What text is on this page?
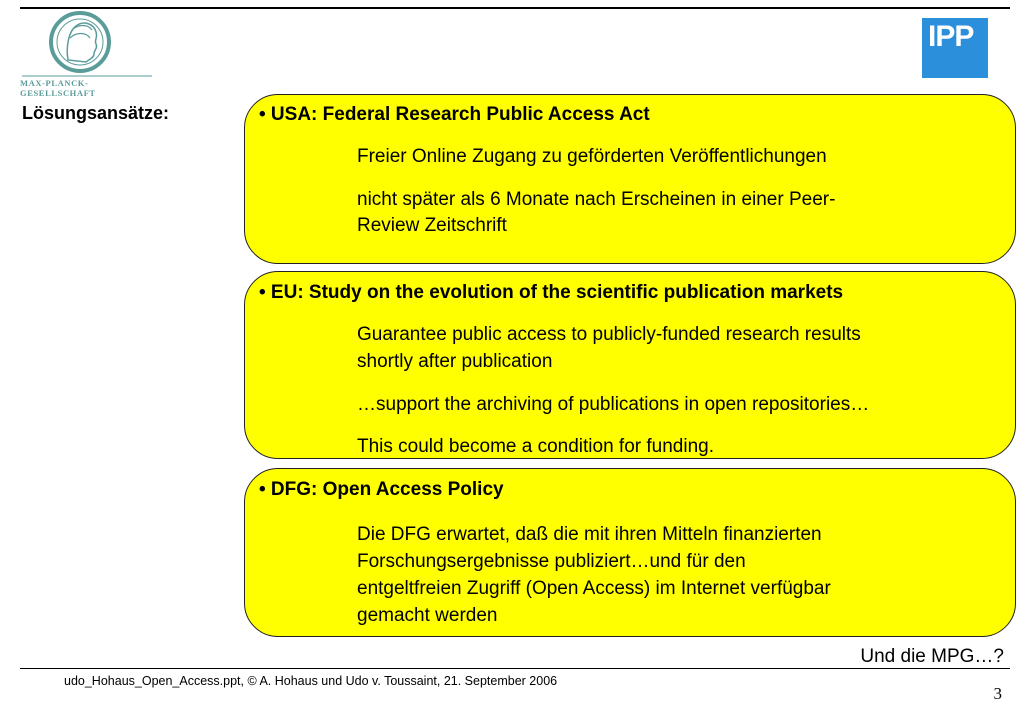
MAX-PLANCK-GESELLSCHAFT
IPP
Lösungsansätze:	• USA: Federal Research Public Access Act
Freier Online Zugang zu geförderten Veröffentlichungen
nicht später als 6 Monate nach Erscheinen in einer Peer-
Review Zeitschrift
• EU: Study on the evolution of the scientific publication markets
Guarantee public access to publicly-funded research results
shortly after publication
…support the archiving of publications in open repositories…
This could become a condition for funding.
• DFG: Open Access Policy
Die DFG erwartet, daß die mit ihren Mitteln finanzierten
Forschungsergebnisse publiziert…und für den
entgeltfreien Zugriff (Open Access) im Internet verfügbar
gemacht werden
Und die MPG…?
udo_Hohaus_Open_Access.ppt, © A. Hohaus und Udo v. Toussaint, 21. September 2006
3
